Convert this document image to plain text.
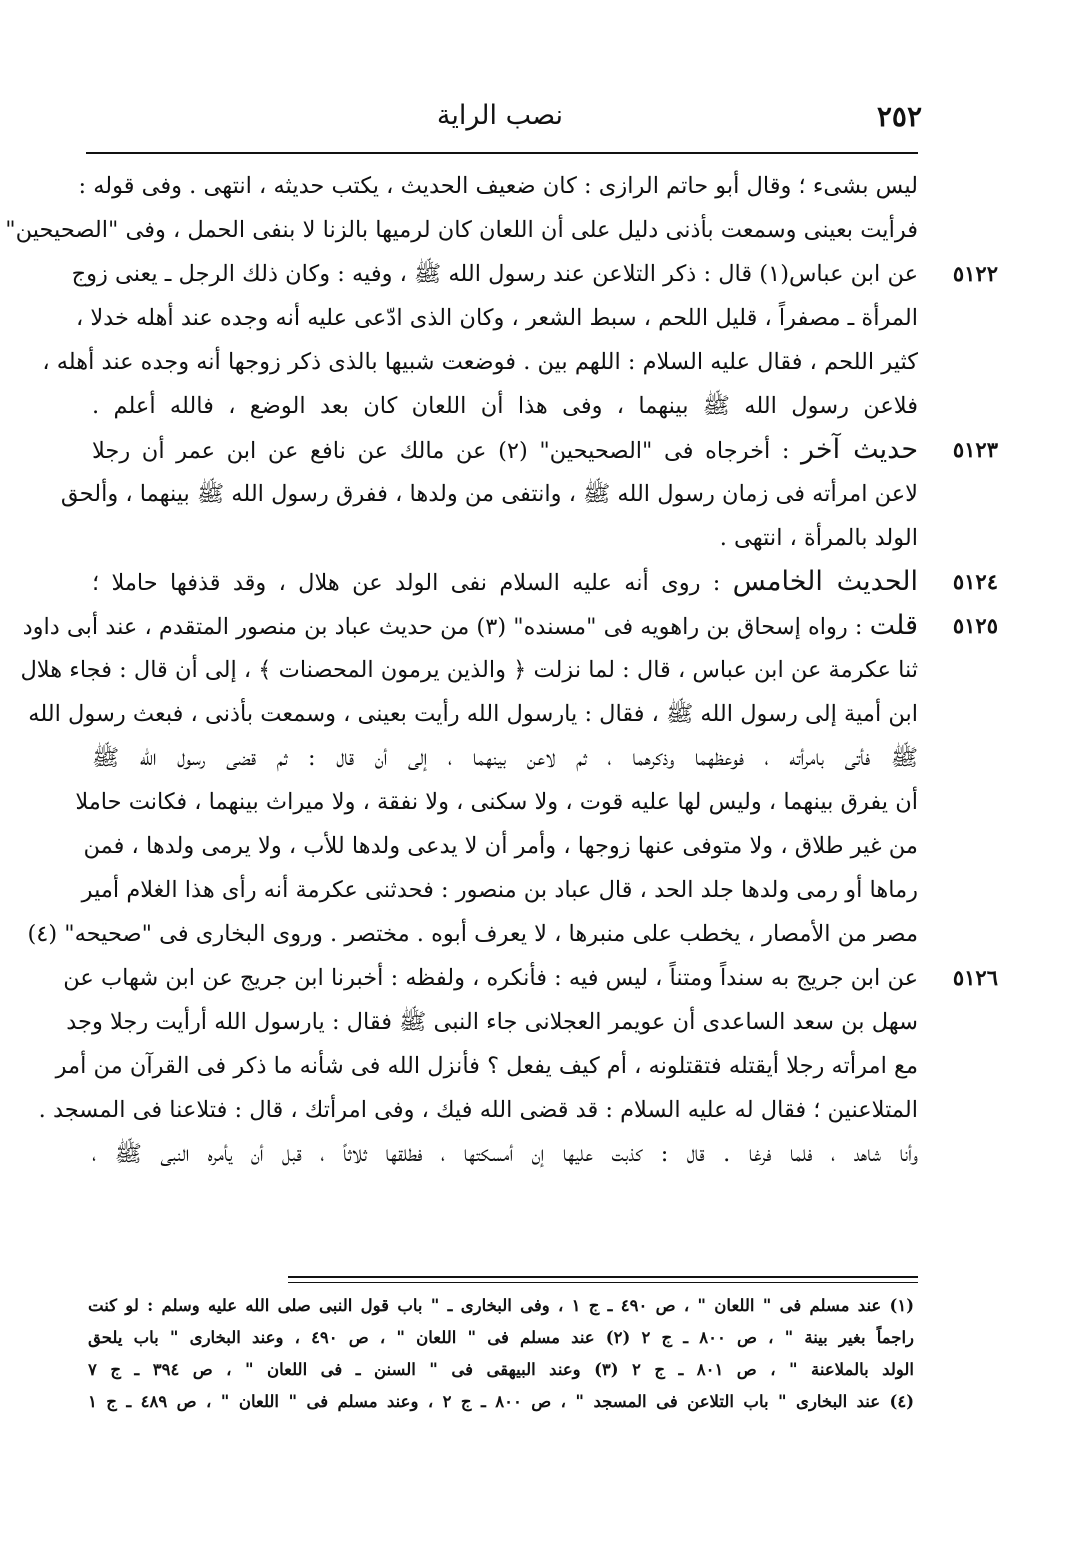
نصب الراية	٢٥٢
ليس بشىء ؛ وقال أبو حاتم الرازى : كان ضعيف الحديث ، يكتب حديثه ، انتهى . وفى قوله :
فرأيت بعينى وسمعت بأذنى دليل على أن اللعان كان لرميها بالزنا لا بنفى الحمل ، وفى "الصحيحين"
٥١٢٢
عن ابن عباس(١) قال : ذكر التلاعن عند رسول الله ﷺ ، وفيه : وكان ذلك الرجل ـ يعنى زوج
المرأة ـ مصفراً ، قليل اللحم ، سبط الشعر ، وكان الذى ادّعى عليه أنه وجده عند أهله خدلا ،
كثير اللحم ، فقال عليه السلام : اللهم بين . فوضعت شبيها بالذى ذكر زوجها أنه وجده عند أهله ،
فلاعن رسول الله ﷺ بينهما ، وفى هذا أن اللعان كان بعد الوضع ، فالله أعلم .
٥١٢٣
حديث آخر : أخرجاه فى "الصحيحين" (٢) عن مالك عن نافع عن ابن عمر أن رجلا
لاعن امرأته فى زمان رسول الله ﷺ ، وانتفى من ولدها ، ففرق رسول الله ﷺ بينهما ، وألحق
الولد بالمرأة ، انتهى .
٥١٢٤
الحديث الخامس : روى أنه عليه السلام نفى الولد عن هلال ، وقد قذفها حاملا ؛
٥١٢٥
قلت : رواه إسحاق بن راهويه فى "مسنده" (٣) من حديث عباد بن منصور المتقدم ، عند أبى داود
ثنا عكرمة عن ابن عباس ، قال : لما نزلت ﴿ والذين يرمون المحصنات ﴾ ، إلى أن قال : فجاء هلال
ابن أمية إلى رسول الله ﷺ ، فقال : يارسول الله رأيت بعينى ، وسمعت بأذنى ، فبعث رسول الله
ﷺ فأتى بامرأته ، فوعظهما وذكرهما ، ثم لاعن بينهما ، إلى أن قال : ثم قضى رسول الله ﷺ
أن يفرق بينهما ، وليس لها عليه قوت ، ولا سكنى ، ولا نفقة ، ولا ميراث بينهما ، فكانت حاملا
من غير طلاق ، ولا متوفى عنها زوجها ، وأمر أن لا يدعى ولدها للأب ، ولا يرمى ولدها ، فمن
رماها أو رمى ولدها جلد الحد ، قال عباد بن منصور : فحدثنى عكرمة أنه رأى هذا الغلام أمير
مصر من الأمصار ، يخطب على منبرها ، لا يعرف أبوه . مختصر . وروى البخارى فى "صحيحه" (٤)
٥١٢٦
عن ابن جريج به سنداً ومتناً ، ليس فيه : فأنكره ، ولفظه : أخبرنا ابن جريج عن ابن شهاب عن
سهل بن سعد الساعدى أن عويمر العجلانى جاء النبى ﷺ فقال : يارسول الله أرأيت رجلا وجد
مع امرأته رجلا أيقتله فتقتلونه ، أم كيف يفعل ؟ فأنزل الله فى شأنه ما ذكر فى القرآن من أمر
المتلاعنين ؛ فقال له عليه السلام : قد قضى الله فيك ، وفى امرأتك ، قال : فتلاعنا فى المسجد .
وأنا شاهد ، فلما فرغا . قال : كذبت عليها إن أمسكتها ، فطلقها ثلاثاً ، قبل أن يأمره النبى ﷺ ،
(١) عند مسلم فى " اللعان " ، ص ٤٩٠ ـ ج ١ ، وفى البخارى ـ " باب قول النبى صلى الله عليه وسلم : لو كنت
راجماً بغير بينة " ، ص ٨٠٠ ـ ج ٢ (٢) عند مسلم فى " اللعان " ، ص ٤٩٠ ، وعند البخارى " باب يلحق
الولد بالملاعنة " ، ص ٨٠١ ـ ج ٢ (٣) وعند البيهقى فى " السنن ـ فى اللعان " ، ص ٣٩٤ ـ ج ٧
(٤) عند البخارى " باب التلاعن فى المسجد " ، ص ٨٠٠ ـ ج ٢ ، وعند مسلم فى " اللعان " ، ص ٤٨٩ ـ ج ١
